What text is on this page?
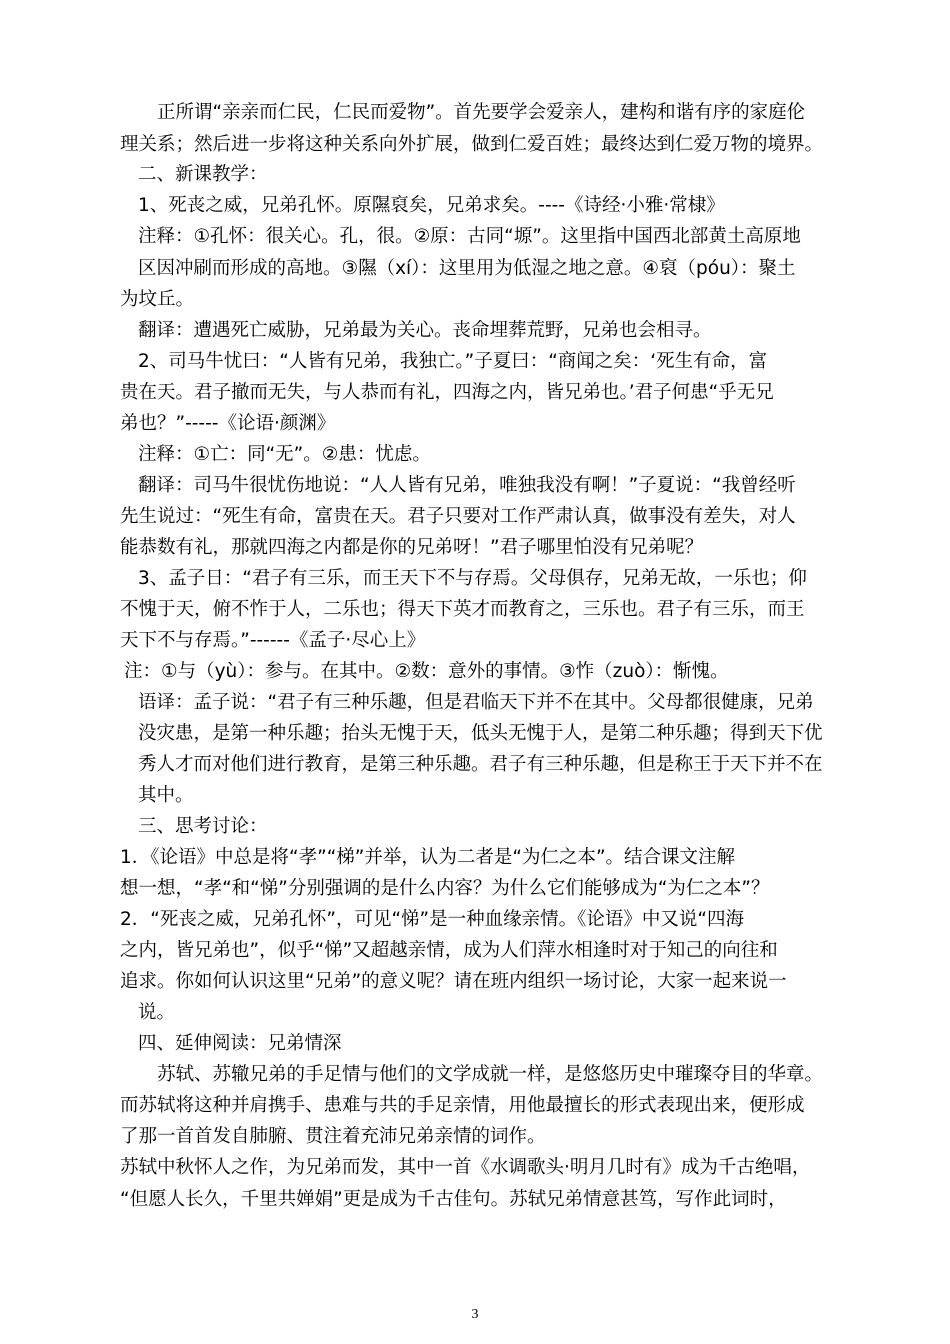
正所谓“亲亲而仁民，仁民而爱物”。首先要学会爱亲人，建构和谐有序的家庭伦
理关系；然后进一步将这种关系向外扩展，做到仁爱百姓；最终达到仁爱万物的境界。
二、新课教学：
1、死丧之威，兄弟孔怀。原隰裒矣，兄弟求矣。----《诗经·小雅·常棣》
注释：①孔怀：很关心。孔，很。②原：古同“塬”。这里指中国西北部黄土高原地
区因冲刷而形成的高地。③隰（xí）：这里用为低湿之地之意。④裒（póu）：聚土
为坟丘。
翻译：遭遇死亡威胁，兄弟最为关心。丧命埋葬荒野，兄弟也会相寻。
2、司马牛忧曰：“人皆有兄弟，我独亡。”子夏曰：“商闻之矣：‘死生有命，富
贵在天。君子撤而无失，与人恭而有礼，四海之内，皆兄弟也。’君子何患“乎无兄
弟也？”-----《论语·颜渊》
注释：①亡：同“无”。②患：忧虑。
翻译：司马牛很忧伤地说：“人人皆有兄弟，唯独我没有啊！”子夏说：“我曾经听
先生说过：“死生有命，富贵在天。君子只要对工作严肃认真，做事没有差失，对人
能恭数有礼，那就四海之内都是你的兄弟呀！”君子哪里怕没有兄弟呢？
3、孟子日：“君子有三乐，而王天下不与存焉。父母俱存，兄弟无故，一乐也；仰
不愧于天，俯不怍于人，二乐也；得天下英才而教育之，三乐也。君子有三乐，而王
天下不与存焉。”------《孟子·尽心上》
注：①与（yù）：参与。在其中。②数：意外的事情。③怍（zuò）：惭愧。
语译：孟子说：“君子有三种乐趣，但是君临天下并不在其中。父母都很健康，兄弟
没灾患，是第一种乐趣；抬头无愧于天，低头无愧于人，是第二种乐趣；得到天下优
秀人才而对他们进行教育，是第三种乐趣。君子有三种乐趣，但是称王于天下并不在
其中。
三、思考讨论：
1．《论语》中总是将“孝”“梯”并举，认为二者是“为仁之本”。结合课文注解
想一想，“孝“和“悌”分别强调的是什么内容？为什么它们能够成为“为仁之本”？
2．“死丧之威，兄弟孔怀”，可见“悌”是一种血缘亲情。《论语》中又说“四海
之内，皆兄弟也”，似乎“悌”又超越亲情，成为人们萍水相逢时对于知己的向往和
追求。你如何认识这里“兄弟”的意义呢？请在班内组织一场讨论，大家一起来说一
说。
四、延伸阅读：兄弟情深
苏轼、苏辙兄弟的手足情与他们的文学成就一样，是悠悠历史中璀璨夺目的华章。
而苏轼将这种并肩携手、患难与共的手足亲情，用他最擅长的形式表现出来，便形成
了那一首首发自肺腑、贯注着充沛兄弟亲情的词作。
苏轼中秋怀人之作，为兄弟而发，其中一首《水调歌头·明月几时有》成为千古绝唱，
“但愿人长久，千里共婵娟”更是成为千古佳句。苏轼兄弟情意甚笃，写作此词时，
3
